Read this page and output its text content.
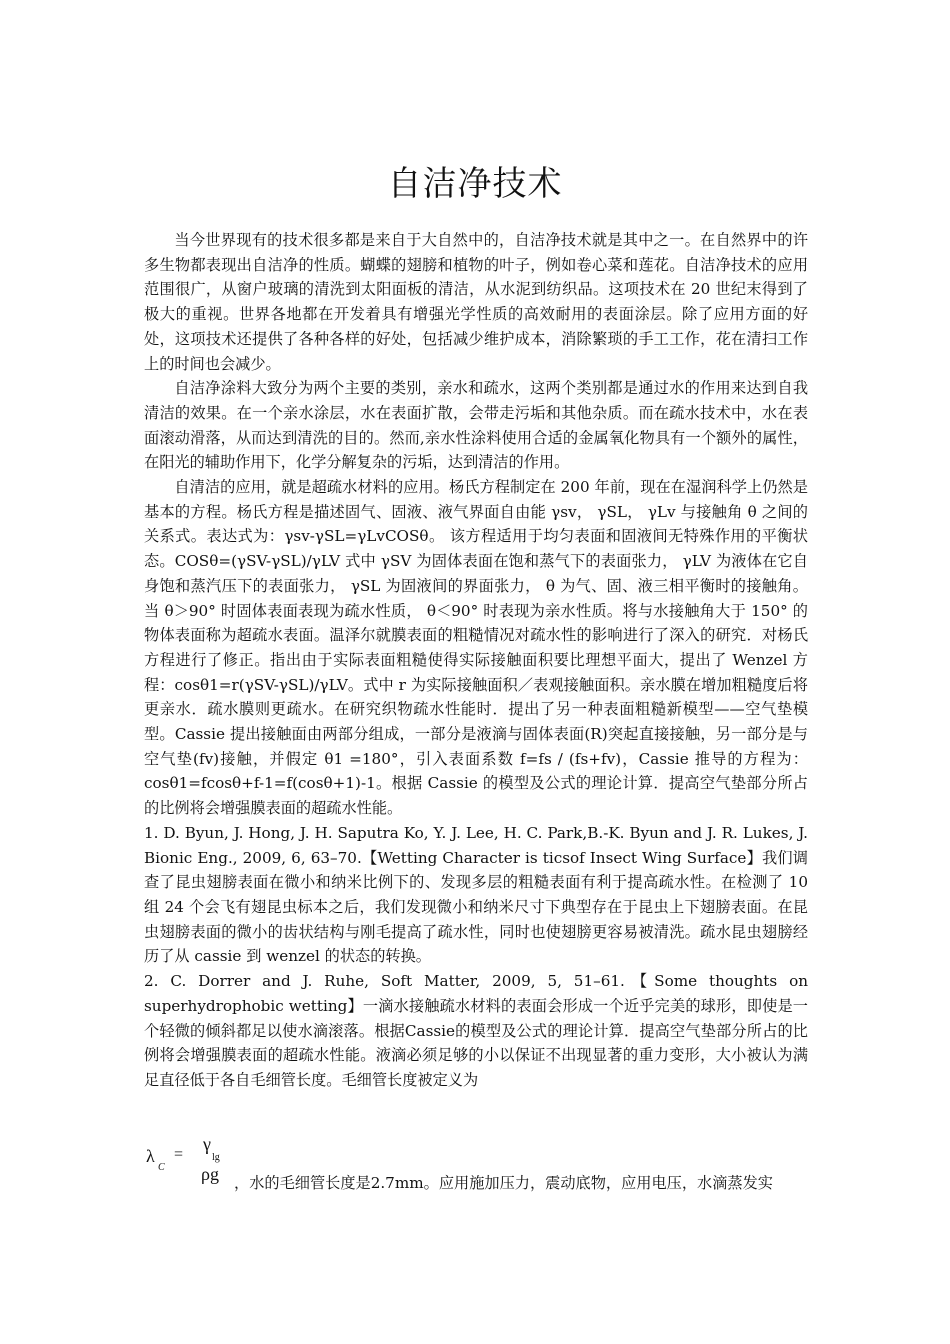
自洁净技术

当今世界现有的技术很多都是来自于大自然中的，自洁净技术就是其中之一。在自然界中的许多生物都表现出自洁净的性质。蝴蝶的翅膀和植物的叶子，例如卷心菜和莲花。自洁净技术的应用范围很广，从窗户玻璃的清洗到太阳面板的清洁，从水泥到纺织品。这项技术在 20 世纪末得到了极大的重视。世界各地都在开发着具有增强光学性质的高效耐用的表面涂层。除了应用方面的好处，这项技术还提供了各种各样的好处，包括减少维护成本，消除繁琐的手工工作，花在清扫工作上的时间也会减少。

自洁净涂料大致分为两个主要的类别，亲水和疏水，这两个类别都是通过水的作用来达到自我清洁的效果。在一个亲水涂层，水在表面扩散，会带走污垢和其他杂质。而在疏水技术中，水在表面滚动滑落，从而达到清洗的目的。然而,亲水性涂料使用合适的金属氧化物具有一个额外的属性，在阳光的辅助作用下，化学分解复杂的污垢，达到清洁的作用。

自清洁的应用，就是超疏水材料的应用。杨氏方程制定在 200 年前，现在在湿润科学上仍然是基本的方程。杨氏方程是描述固气、固液、液气界面自由能 γsv， γSL， γLv 与接触角 θ 之间的关系式。表达式为：γsv-γSL=γLvCOSθ。 该方程适用于均匀表面和固液间无特殊作用的平衡状态。COSθ=(γSV-γSL)/γLV 式中 γSV 为固体表面在饱和蒸气下的表面张力， γLV 为液体在它自身饱和蒸汽压下的表面张力， γSL 为固液间的界面张力， θ 为气、固、液三相平衡时的接触角。当 θ＞90° 时固体表面表现为疏水性质， θ＜90° 时表现为亲水性质。将与水接触角大于 150° 的物体表面称为超疏水表面。温泽尔就膜表面的粗糙情况对疏水性的影响进行了深入的研究．对杨氏方程进行了修正。指出由于实际表面粗糙使得实际接触面积要比理想平面大，提出了 Wenzel 方程：cosθ1=r(γSV-γSL)/γLV。式中 r 为实际接触面积／表观接触面积。亲水膜在增加粗糙度后将更亲水．疏水膜则更疏水。在研究织物疏水性能时．提出了另一种表面粗糙新模型——空气垫模型。Cassie 提出接触面由两部分组成，一部分是液滴与固体表面(R)突起直接接触，另一部分是与空气垫(fv)接触，并假定 θ1 =180°，引入表面系数 f=fs / (fs+fv)，Cassie 推导的方程为：cosθ1=fcosθ+f-1=f(cosθ+1)-1。根据 Cassie 的模型及公式的理论计算．提高空气垫部分所占的比例将会增强膜表面的超疏水性能。

1. D. Byun, J. Hong, J. H. Saputra Ko, Y. J. Lee, H. C. Park,B.-K. Byun and J. R. Lukes, J. Bionic Eng., 2009, 6, 63–70.【Wetting Character is ticsof Insect Wing Surface】我们调查了昆虫翅膀表面在微小和纳米比例下的、发现多层的粗糙表面有利于提高疏水性。在检测了 10 组 24 个会飞有翅昆虫标本之后，我们发现微小和纳米尺寸下典型存在于昆虫上下翅膀表面。在昆虫翅膀表面的微小的齿状结构与刚毛提高了疏水性，同时也使翅膀更容易被清洗。疏水昆虫翅膀经历了从 cassie 到 wenzel 的状态的转换。

2. C. Dorrer and J. Ruhe, Soft Matter, 2009, 5, 51–61.【Some thoughts on superhydrophobic wetting】一滴水接触疏水材料的表面会形成一个近乎完美的球形，即使是一个轻微的倾斜都足以使水滴滚落。根据Cassie的模型及公式的理论计算．提高空气垫部分所占的比例将会增强膜表面的超疏水性能。液滴必须足够的小以保证不出现显著的重力变形，大小被认为满足直径低于各自毛细管长度。毛细管长度被定义为

λ
C
=
γ
lg
ρg ，水的毛细管长度是2.7mm。应用施加压力，震动底物，应用电压，水滴蒸发实
